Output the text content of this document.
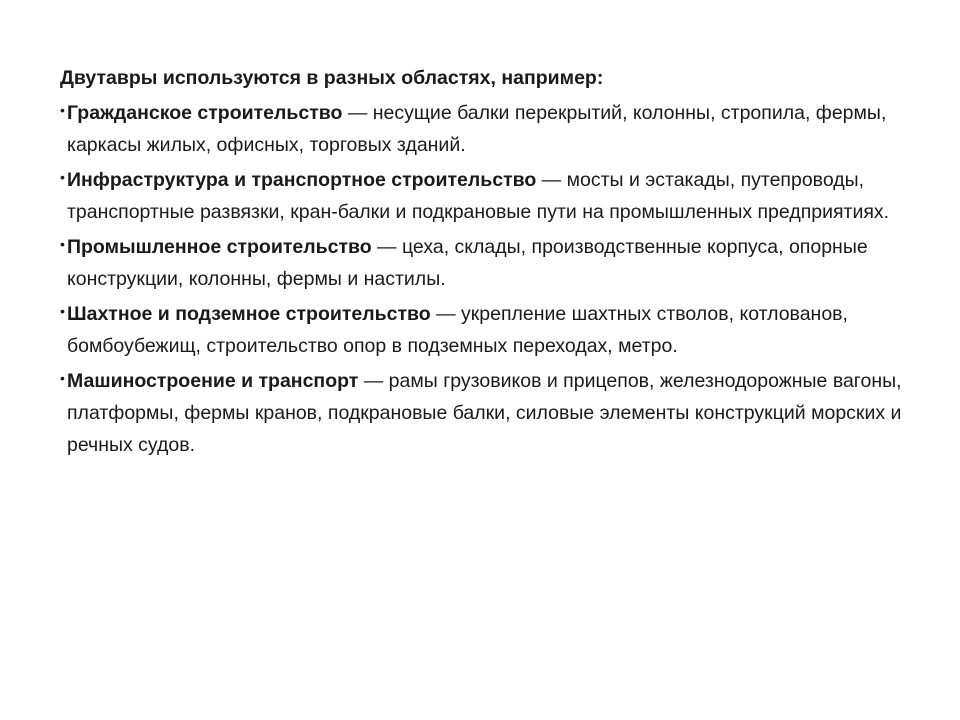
Двутавры используются в разных областях, например:

• Гражданское строительство — несущие балки перекрытий, колонны, стропила, фермы, каркасы жилых, офисных, торговых зданий.
• Инфраструктура и транспортное строительство — мосты и эстакады, путепроводы, транспортные развязки, кран-балки и подкрановые пути на промышленных предприятиях.
• Промышленное строительство — цеха, склады, производственные корпуса, опорные конструкции, колонны, фермы и настилы.
• Шахтное и подземное строительство — укрепление шахтных стволов, котлованов, бомбоубежищ, строительство опор в подземных переходах, метро.
• Машиностроение и транспорт — рамы грузовиков и прицепов, железнодорожные вагоны, платформы, фермы кранов, подкрановые балки, силовые элементы конструкций морских и речных судов.
